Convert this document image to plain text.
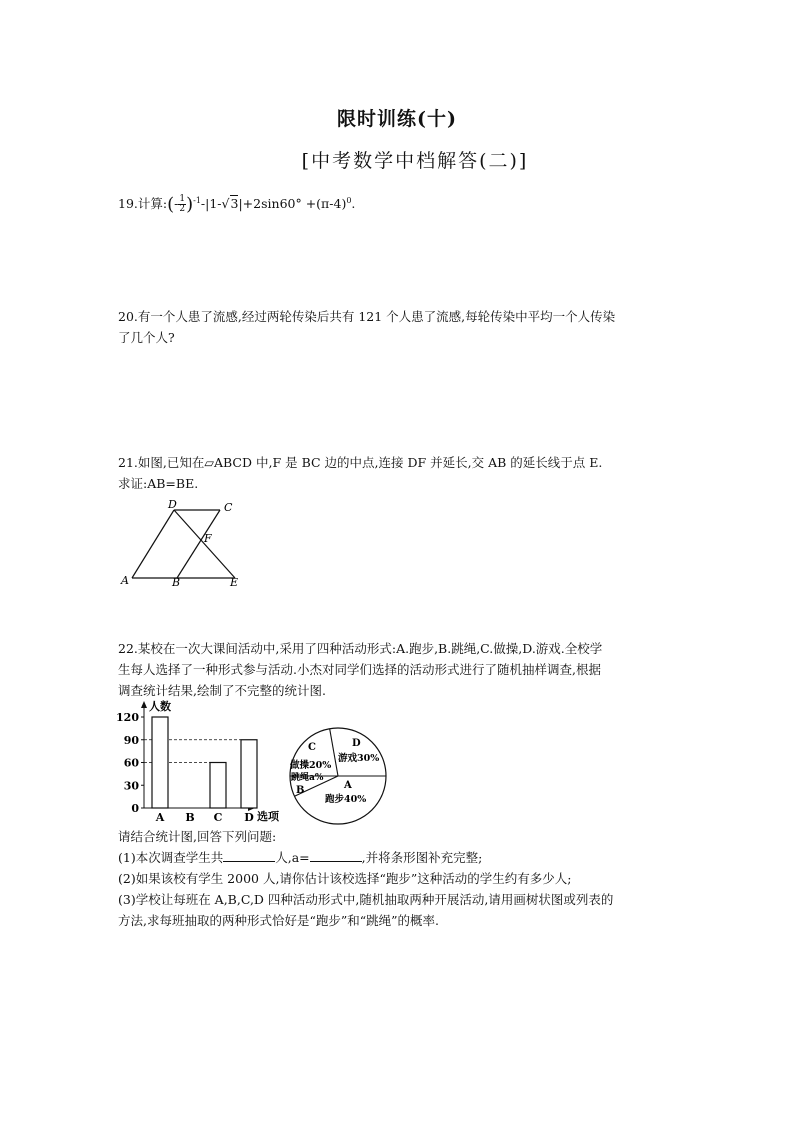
限时训练(十)
[中考数学中档解答(二)]
19.计算:(- $\frac{1}{2} )^{-1}-|1-√3|+2\sin 60^\circ +(\pi-4)^0$.
20.有一个人患了流感,经过两轮传染后共有 121 个人患了流感,每轮传染中平均一个人传染
了几个人?
21.如图,已知在▱ABCD 中,F 是 BC 边的中点,连接 DF 并延长,交 AB 的延长线于点 E.
求证:AB=BE.
D	C
F
A	B	E
22.某校在一次大课间活动中,采用了四种活动形式:A.跑步,B.跳绳,C.做操,D.游戏.全校学
生每人选择了一种形式参与活动.小杰对同学们选择的活动形式进行了随机抽样调查,根据
调查统计结果,绘制了不完整的统计图.
人数
选项
0
30
60
90
120
A B C D
C
做操20%
D
游戏30%
跳绳a%
B	A
跑步40%
请结合统计图,回答下列问题:
(1)本次调查学生共	人,a=	,并将条形图补充完整;
(2)如果该校有学生 2000 人,请你估计该校选择“跑步”这种活动的学生约有多少人;
(3)学校让每班在 A,B,C,D 四种活动形式中,随机抽取两种开展活动,请用画树状图或列表的
方法,求每班抽取的两种形式恰好是“跑步”和“跳绳”的概率.
